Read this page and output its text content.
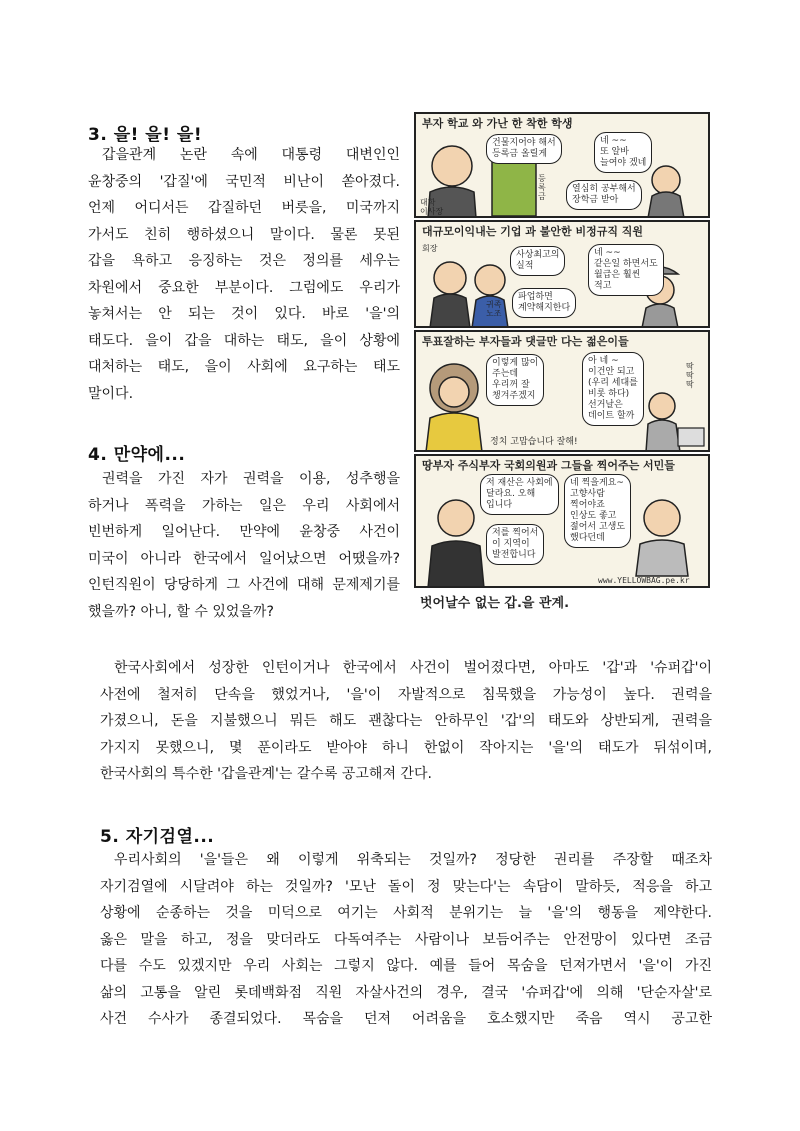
3. 을! 을! 을!
갑을관계 논란 속에 대통령 대변인인
윤창중의 '갑질'에 국민적 비난이 쏟아졌다.
언제 어디서든 갑질하던 버릇을, 미국까지
가서도 친히 행하셨으니 말이다. 물론 못된
갑을 욕하고 응징하는 것은 정의를 세우는
차원에서 중요한 부분이다. 그럼에도 우리가
놓쳐서는 안 되는 것이 있다. 바로 '을'의
태도다. 을이 갑을 대하는 태도, 을이 상황에
대처하는 태도, 을이 사회에 요구하는 태도
말이다.
4. 만약에...
권력을 가진 자가 권력을 이용, 성추행을
하거나 폭력을 가하는 일은 우리 사회에서
빈번하게 일어난다. 만약에 윤창중 사건이
미국이 아니라 한국에서 일어났으면 어땠을까?
인턴직원이 당당하게 그 사건에 대해 문제제기를
했을까? 아니, 할 수 있었을까?
한국사회에서 성장한 인턴이거나 한국에서 사건이 벌어졌다면, 아마도 '갑'과 '슈퍼갑'이
사전에 철저히 단속을 했었거나, '을'이 자발적으로 침묵했을 가능성이 높다. 권력을
가졌으니, 돈을 지불했으니 뭐든 해도 괜찮다는 안하무인 '갑'의 태도와 상반되게, 권력을
가지지 못했으니, 몇 푼이라도 받아야 하니 한없이 작아지는 '을'의 태도가 뒤섞이며,
한국사회의 특수한 '갑을관계'는 갈수록 공고해져 간다.
5. 자기검열...
우리사회의 '을'들은 왜 이렇게 위축되는 것일까? 정당한 권리를 주장할 때조차
자기검열에 시달려야 하는 것일까? '모난 돌이 정 맞는다'는 속담이 말하듯, 적응을 하고
상황에 순종하는 것을 미덕으로 여기는 사회적 분위기는 늘 '을'의 행동을 제약한다.
옳은 말을 하고, 정을 맞더라도 다독여주는 사람이나 보듬어주는 안전망이 있다면 조금
다를 수도 있겠지만 우리 사회는 그렇지 않다. 예를 들어 목숨을 던져가면서 '을'이 가진
삶의 고통을 알린 롯데백화점 직원 자살사건의 경우, 결국 '슈퍼갑'에 의해 '단순자살'로
사건 수사가 종결되었다. 목숨을 던져 어려움을 호소했지만 죽음 역시 공고한
부자 학교 와 가난 한 착한 학생
건물지어야 해서
등록금 올릴게
네 ~~
또 알바
늘여야 겠네
열심히 공부해서
장학금 받아
대학
이사장
등
록
금
대규모이익내는 기업 과 불안한 비정규직 직원
사상최고의
실적
파업하면
계약해지한다
네 ~~
같은일 하면서도
월급은 훨씬
적고
회장
귀족
노조
투표잘하는 부자들과 댓글만 다는 젊은이들
이렇게 많이
주는데
우리꺼 잘
챙겨주겠지
아 네 ~
이건안 되고
(우리 세대를
비롯 하다)
선거날은
데이트 할까
딱
딱
딱
정치 고맙습니다 잘해!
땅부자 주식부자 국회의원과 그들을 찍어주는 서민들
저 재산은 사회에
달라요. 오해
입니다
저를 찍어서
이 지역이
발전합니다
네 찍을게요~
고향사람
찍어야죠
인상도 좋고
젊어서 고생도
했다던데
www.YELLOWBAG.pe.kr
벗어날수 없는 갑.을 관계.
